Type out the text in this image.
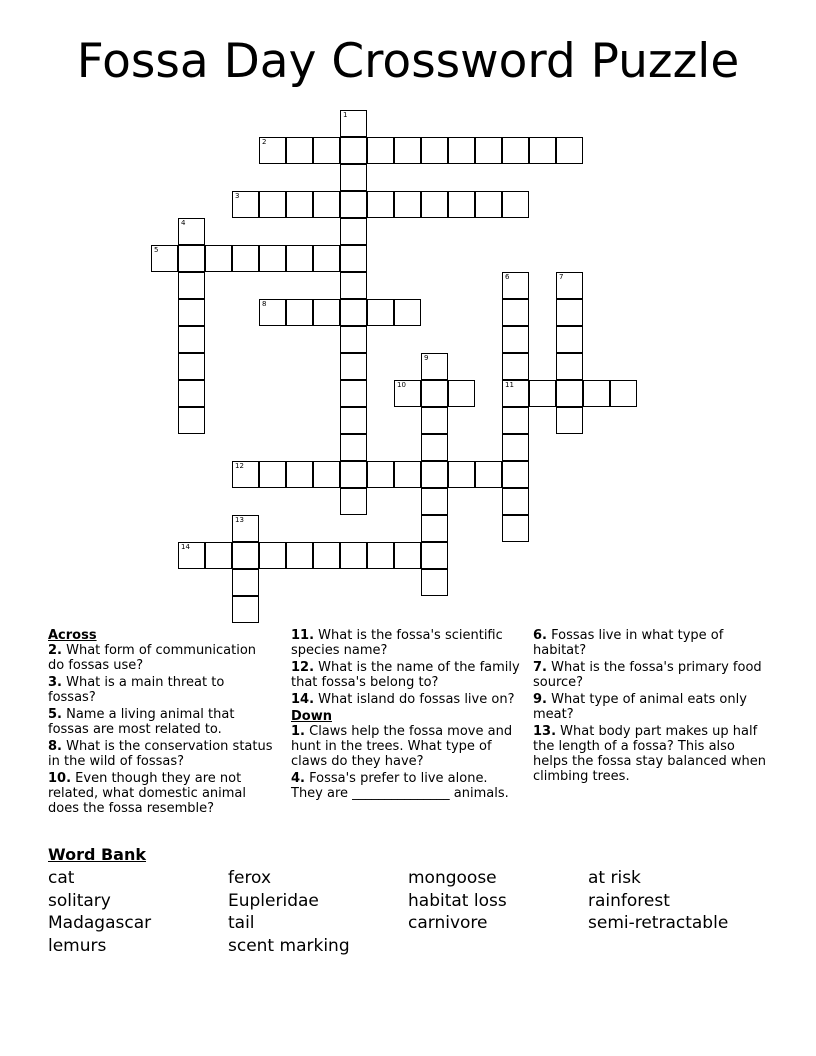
Fossa Day Crossword Puzzle
1
2
3
4
5
6
11
7
8
9
10
12
13
14
Across
2. What form of communication do fossas use?
3. What is a main threat to fossas?
5. Name a living animal that fossas are most related to.
8. What is the conservation status in the wild of fossas?
10. Even though they are not related, what domestic animal does the fossa resemble?
11. What is the fossa's scientific species name?
12. What is the name of the family that fossa's belong to?
14. What island do fossas live on?
Down
1. Claws help the fossa move and hunt in the trees. What type of claws do they have?
4. Fossa's prefer to live alone. They are _______________ animals.
6. Fossas live in what type of habitat?
7. What is the fossa's primary food source?
9. What type of animal eats only meat?
13. What body part makes up half the length of a fossa? This also helps the fossa stay balanced when climbing trees.
Word Bank
cat	ferox	mongoose	at risk
solitary	Eupleridae	habitat loss	rainforest
Madagascar	tail	carnivore	semi-retractable
lemurs	scent marking
